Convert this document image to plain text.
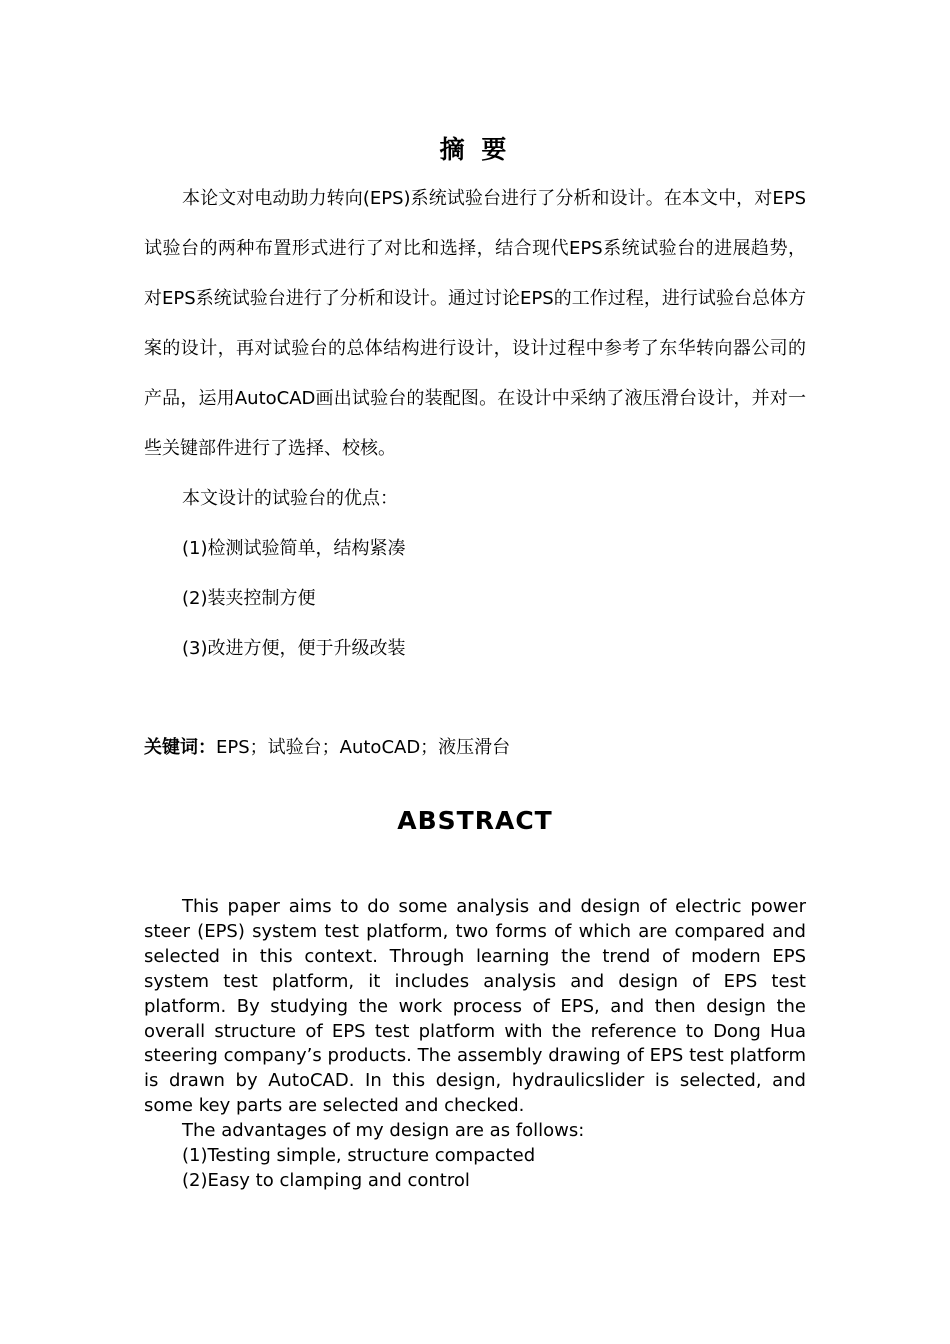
摘 要

本论文对电动助力转向(EPS)系统试验台进行了分析和设计。在本文中，对EPS试验台的两种布置形式进行了对比和选择，结合现代EPS系统试验台的进展趋势，对EPS系统试验台进行了分析和设计。通过讨论EPS的工作过程，进行试验台总体方案的设计，再对试验台的总体结构进行设计，设计过程中参考了东华转向器公司的产品，运用AutoCAD画出试验台的装配图。在设计中采纳了液压滑台设计，并对一些关键部件进行了选择、校核。

本文设计的试验台的优点：

(1)检测试验简单，结构紧凑

(2)装夹控制方便

(3)改进方便，便于升级改装

关键词：EPS；试验台；AutoCAD；液压滑台
ABSTRACT

This paper aims to do some analysis and design of electric power steer (EPS) system test platform, two forms of which are compared and selected in this context. Through learning the trend of modern EPS system test platform, it includes analysis and design of EPS test platform. By studying the work process of EPS, and then design the overall structure of EPS test platform with the reference to Dong Hua steering company’s products. The assembly drawing of EPS test platform is drawn by AutoCAD. In this design, hydraulicslider is selected, and some key parts are selected and checked.

The advantages of my design are as follows:

(1)Testing simple, structure compacted

(2)Easy to clamping and control
